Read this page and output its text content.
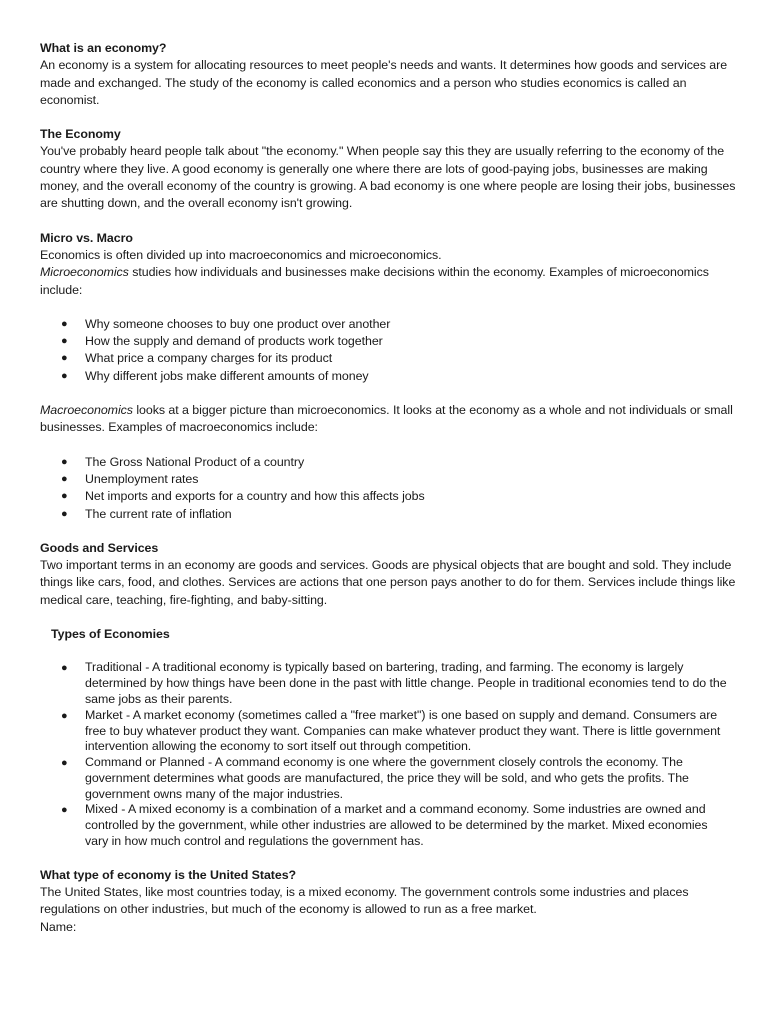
What is an economy?

An economy is a system for allocating resources to meet people's needs and wants. It determines how goods and services are made and exchanged. The study of the economy is called economics and a person who studies economics is called an economist.

The Economy

You've probably heard people talk about "the economy." When people say this they are usually referring to the economy of the country where they live. A good economy is generally one where there are lots of good-paying jobs, businesses are making money, and the overall economy of the country is growing. A bad economy is one where people are losing their jobs, businesses are shutting down, and the overall economy isn't growing.

Micro vs. Macro

Economics is often divided up into macroeconomics and microeconomics.

Microeconomics studies how individuals and businesses make decisions within the economy. Examples of microeconomics include:

● Why someone chooses to buy one product over another
● How the supply and demand of products work together
● What price a company charges for its product
● Why different jobs make different amounts of money

Macroeconomics looks at a bigger picture than microeconomics. It looks at the economy as a whole and not individuals or small businesses. Examples of macroeconomics include:

● The Gross National Product of a country
● Unemployment rates
● Net imports and exports for a country and how this affects jobs
● The current rate of inflation
Goods and Services

Two important terms in an economy are goods and services. Goods are physical objects that are bought and sold. They include things like cars, food, and clothes. Services are actions that one person pays another to do for them. Services include things like medical care, teaching, fire-fighting, and baby-sitting.

Types of Economies
● Traditional - A traditional economy is typically based on bartering, trading, and farming. The economy is largely determined by how things have been done in the past with little change. People in traditional economies tend to do the same jobs as their parents.
● Market - A market economy (sometimes called a "free market") is one based on supply and demand. Consumers are free to buy whatever product they want. Companies can make whatever product they want. There is little government intervention allowing the economy to sort itself out through competition.
● Command or Planned - A command economy is one where the government closely controls the economy. The government determines what goods are manufactured, the price they will be sold, and who gets the profits. The government owns many of the major industries.
● Mixed - A mixed economy is a combination of a market and a command economy. Some industries are owned and controlled by the government, while other industries are allowed to be determined by the market. Mixed economies vary in how much control and regulations the government has.
What type of economy is the United States?

The United States, like most countries today, is a mixed economy. The government controls some industries and places regulations on other industries, but much of the economy is allowed to run as a free market.

Name:
